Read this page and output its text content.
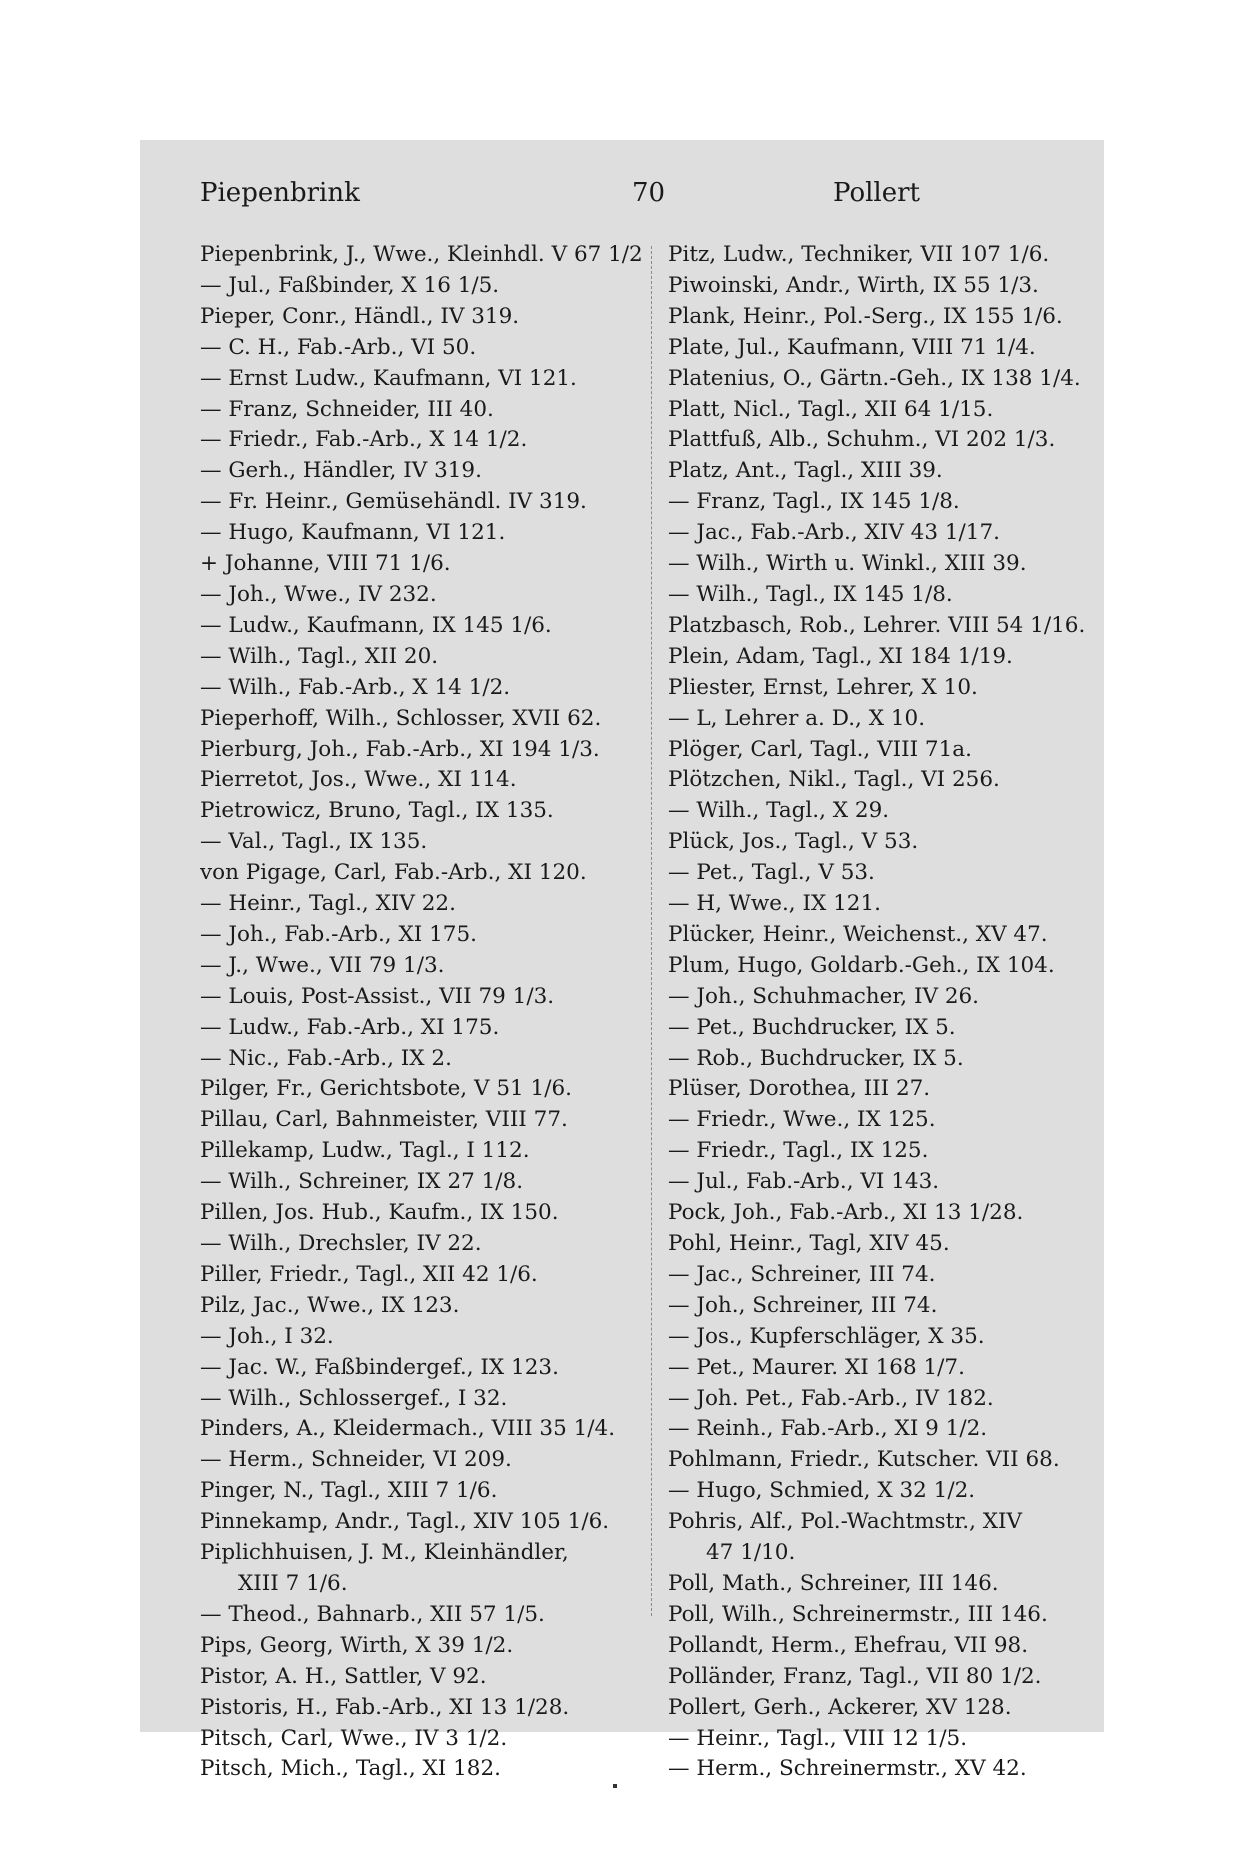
Piepenbrink	70	Pollert
Piepenbrink, J., Wwe., Kleinhdl. V 67 1/2
— Jul., Faßbinder, X 16 1/5.
Pieper, Conr., Händl., IV 319.
— C. H., Fab.-Arb., VI 50.
— Ernst Ludw., Kaufmann, VI 121.
— Franz, Schneider, III 40.
— Friedr., Fab.-Arb., X 14 1/2.
— Gerh., Händler, IV 319.
— Fr. Heinr., Gemüsehändl. IV 319.
— Hugo, Kaufmann, VI 121.
+ Johanne, VIII 71 1/6.
— Joh., Wwe., IV 232.
— Ludw., Kaufmann, IX 145 1/6.
— Wilh., Tagl., XII 20.
— Wilh., Fab.-Arb., X 14 1/2.
Pieperhoff, Wilh., Schlosser, XVII 62.
Pierburg, Joh., Fab.-Arb., XI 194 1/3.
Pierretot, Jos., Wwe., XI 114.
Pietrowicz, Bruno, Tagl., IX 135.
— Val., Tagl., IX 135.
von Pigage, Carl, Fab.-Arb., XI 120.
— Heinr., Tagl., XIV 22.
— Joh., Fab.-Arb., XI 175.
— J., Wwe., VII 79 1/3.
— Louis, Post-Assist., VII 79 1/3.
— Ludw., Fab.-Arb., XI 175.
— Nic., Fab.-Arb., IX 2.
Pilger, Fr., Gerichtsbote, V 51 1/6.
Pillau, Carl, Bahnmeister, VIII 77.
Pillekamp, Ludw., Tagl., I 112.
— Wilh., Schreiner, IX 27 1/8.
Pillen, Jos. Hub., Kaufm., IX 150.
— Wilh., Drechsler, IV 22.
Piller, Friedr., Tagl., XII 42 1/6.
Pilz, Jac., Wwe., IX 123.
— Joh., I 32.
— Jac. W., Faßbindergef., IX 123.
— Wilh., Schlossergef., I 32.
Pinders, A., Kleidermach., VIII 35 1/4.
— Herm., Schneider, VI 209.
Pinger, N., Tagl., XIII 7 1/6.
Pinnekamp, Andr., Tagl., XIV 105 1/6.
Piplichhuisen, J. M., Kleinhändler,
XIII 7 1/6.
— Theod., Bahnarb., XII 57 1/5.
Pips, Georg, Wirth, X 39 1/2.
Pistor, A. H., Sattler, V 92.
Pistoris, H., Fab.-Arb., XI 13 1/28.
Pitsch, Carl, Wwe., IV 3 1/2.
Pitsch, Mich., Tagl., XI 182.
Pitz, Ludw., Techniker, VII 107 1/6.
Piwoinski, Andr., Wirth, IX 55 1/3.
Plank, Heinr., Pol.-Serg., IX 155 1/6.
Plate, Jul., Kaufmann, VIII 71 1/4.
Platenius, O., Gärtn.-Geh., IX 138 1/4.
Platt, Nicl., Tagl., XII 64 1/15.
Plattfuß, Alb., Schuhm., VI 202 1/3.
Platz, Ant., Tagl., XIII 39.
— Franz, Tagl., IX 145 1/8.
— Jac., Fab.-Arb., XIV 43 1/17.
— Wilh., Wirth u. Winkl., XIII 39.
— Wilh., Tagl., IX 145 1/8.
Platzbasch, Rob., Lehrer. VIII 54 1/16.
Plein, Adam, Tagl., XI 184 1/19.
Pliester, Ernst, Lehrer, X 10.
— L, Lehrer a. D., X 10.
Plöger, Carl, Tagl., VIII 71a.
Plötzchen, Nikl., Tagl., VI 256.
— Wilh., Tagl., X 29.
Plück, Jos., Tagl., V 53.
— Pet., Tagl., V 53.
— H, Wwe., IX 121.
Plücker, Heinr., Weichenst., XV 47.
Plum, Hugo, Goldarb.-Geh., IX 104.
— Joh., Schuhmacher, IV 26.
— Pet., Buchdrucker, IX 5.
— Rob., Buchdrucker, IX 5.
Plüser, Dorothea, III 27.
— Friedr., Wwe., IX 125.
— Friedr., Tagl., IX 125.
— Jul., Fab.-Arb., VI 143.
Pock, Joh., Fab.-Arb., XI 13 1/28.
Pohl, Heinr., Tagl, XIV 45.
— Jac., Schreiner, III 74.
— Joh., Schreiner, III 74.
— Jos., Kupferschläger, X 35.
— Pet., Maurer. XI 168 1/7.
— Joh. Pet., Fab.-Arb., IV 182.
— Reinh., Fab.-Arb., XI 9 1/2.
Pohlmann, Friedr., Kutscher. VII 68.
— Hugo, Schmied, X 32 1/2.
Pohris, Alf., Pol.-Wachtmstr., XIV
47 1/10.
Poll, Math., Schreiner, III 146.
Poll, Wilh., Schreinermstr., III 146.
Pollandt, Herm., Ehefrau, VII 98.
Polländer, Franz, Tagl., VII 80 1/2.
Pollert, Gerh., Ackerer, XV 128.
— Heinr., Tagl., VIII 12 1/5.
— Herm., Schreinermstr., XV 42.
